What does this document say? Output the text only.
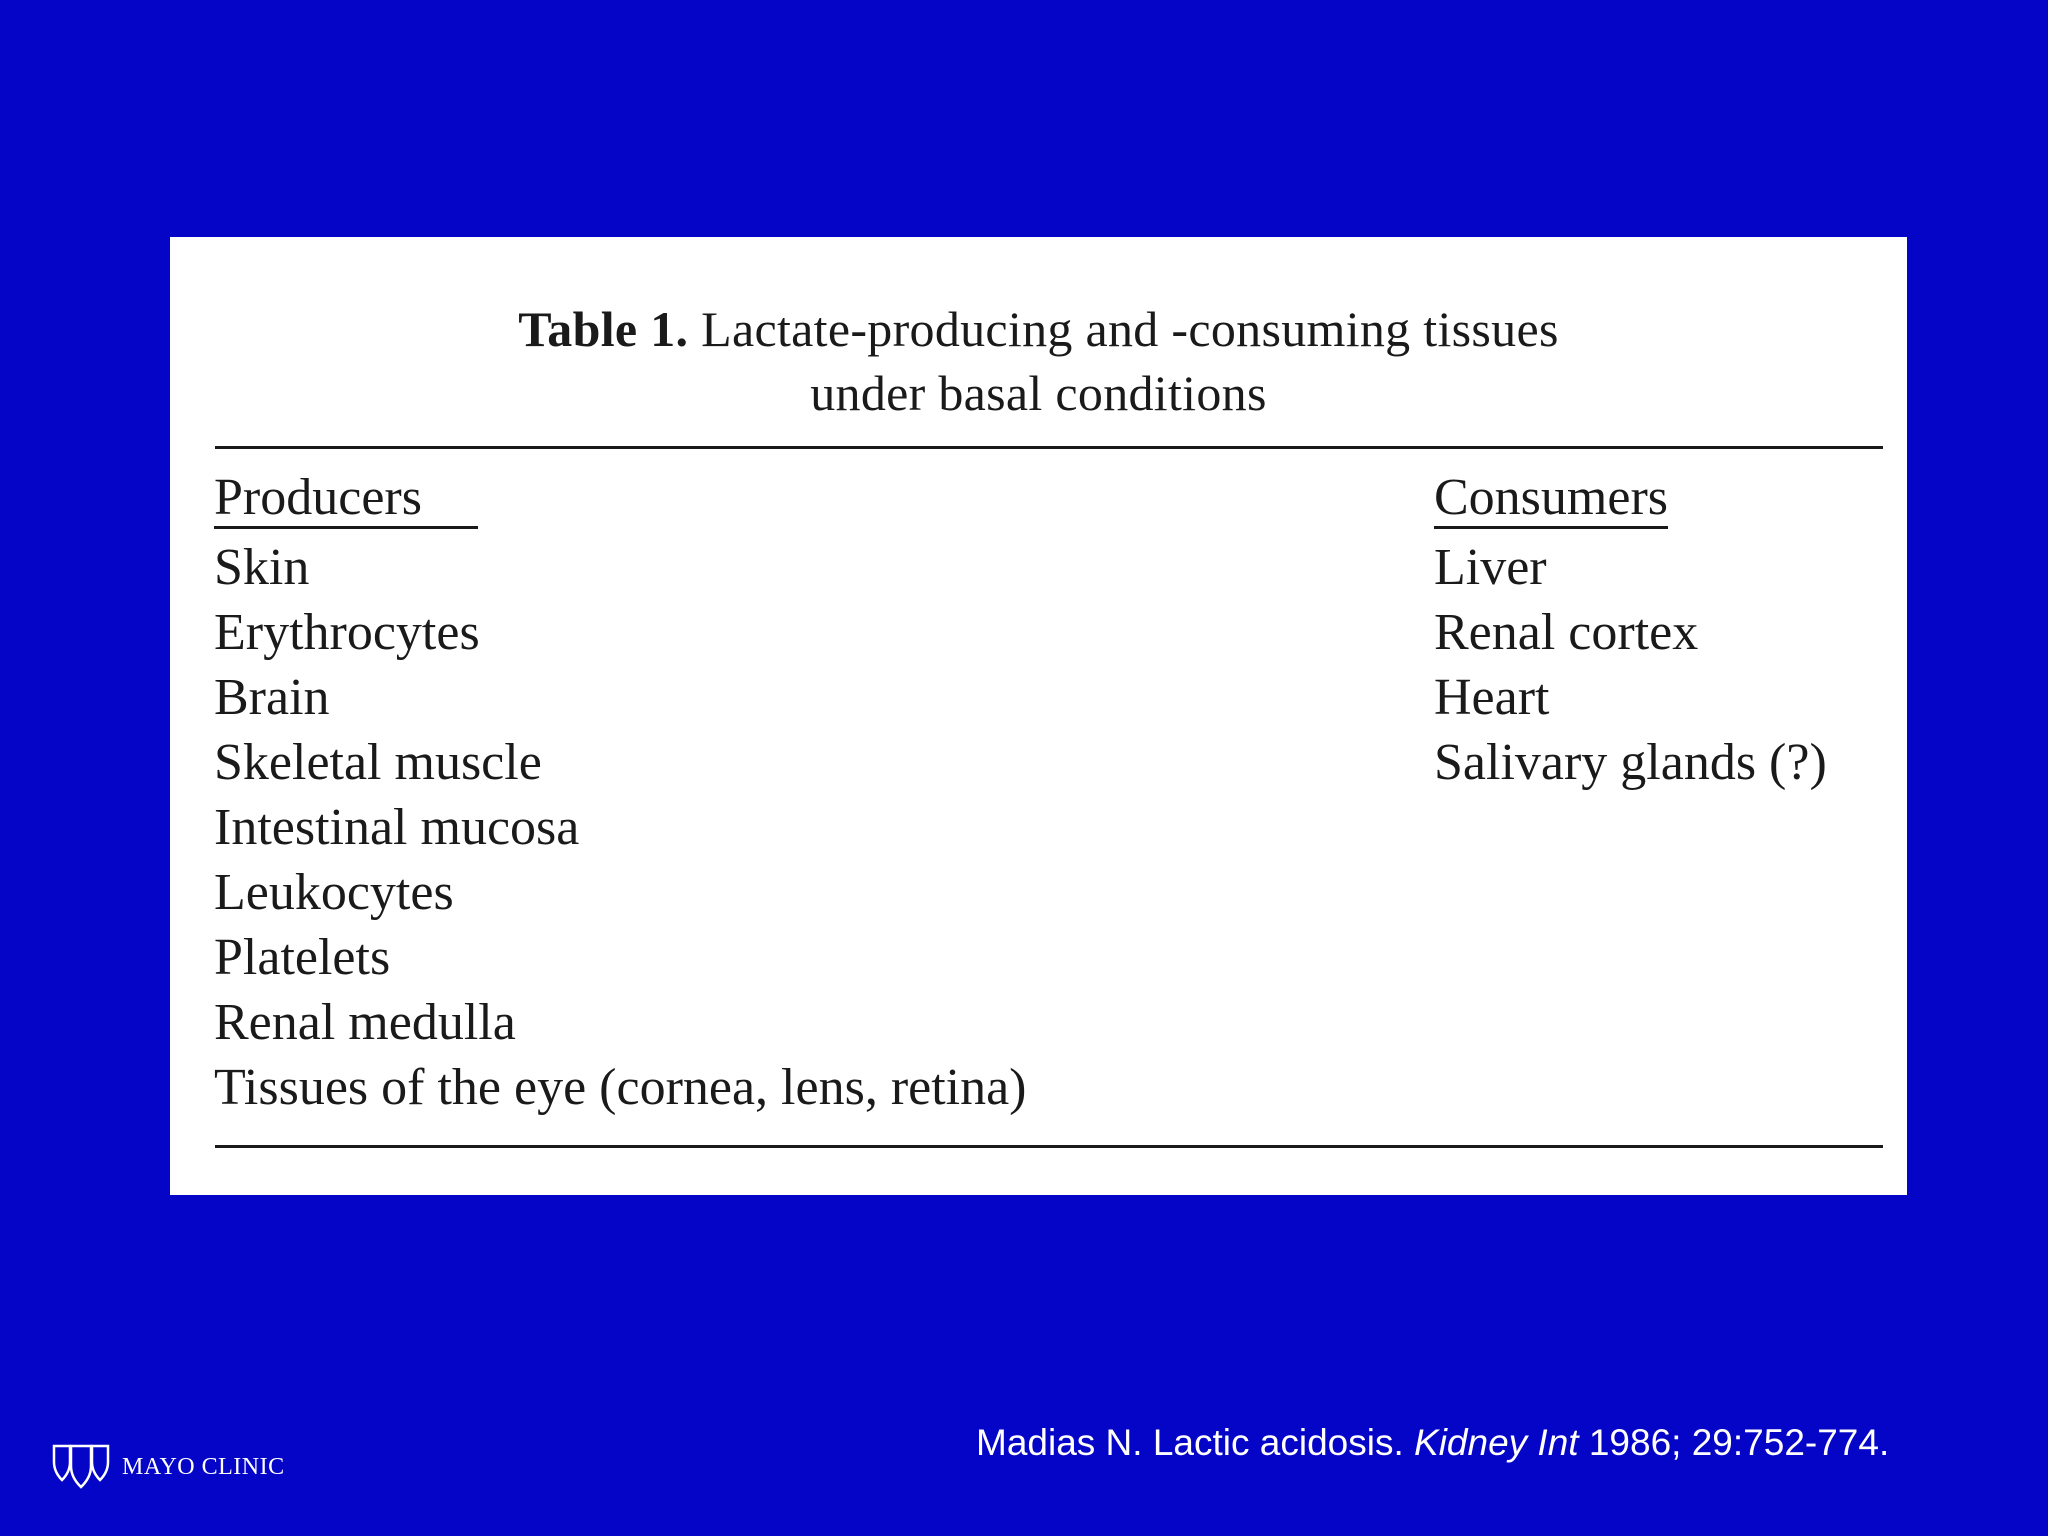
Table 1. Lactate-producing and -consuming tissues
under basal conditions
Producers
Skin
Erythrocytes
Brain
Skeletal muscle
Intestinal mucosa
Leukocytes
Platelets
Renal medulla
Tissues of the eye (cornea, lens, retina)
Consumers
Liver
Renal cortex
Heart
Salivary glands (?)
Madias N. Lactic acidosis. Kidney Int 1986; 29:752-774.
MAYO CLINIC
